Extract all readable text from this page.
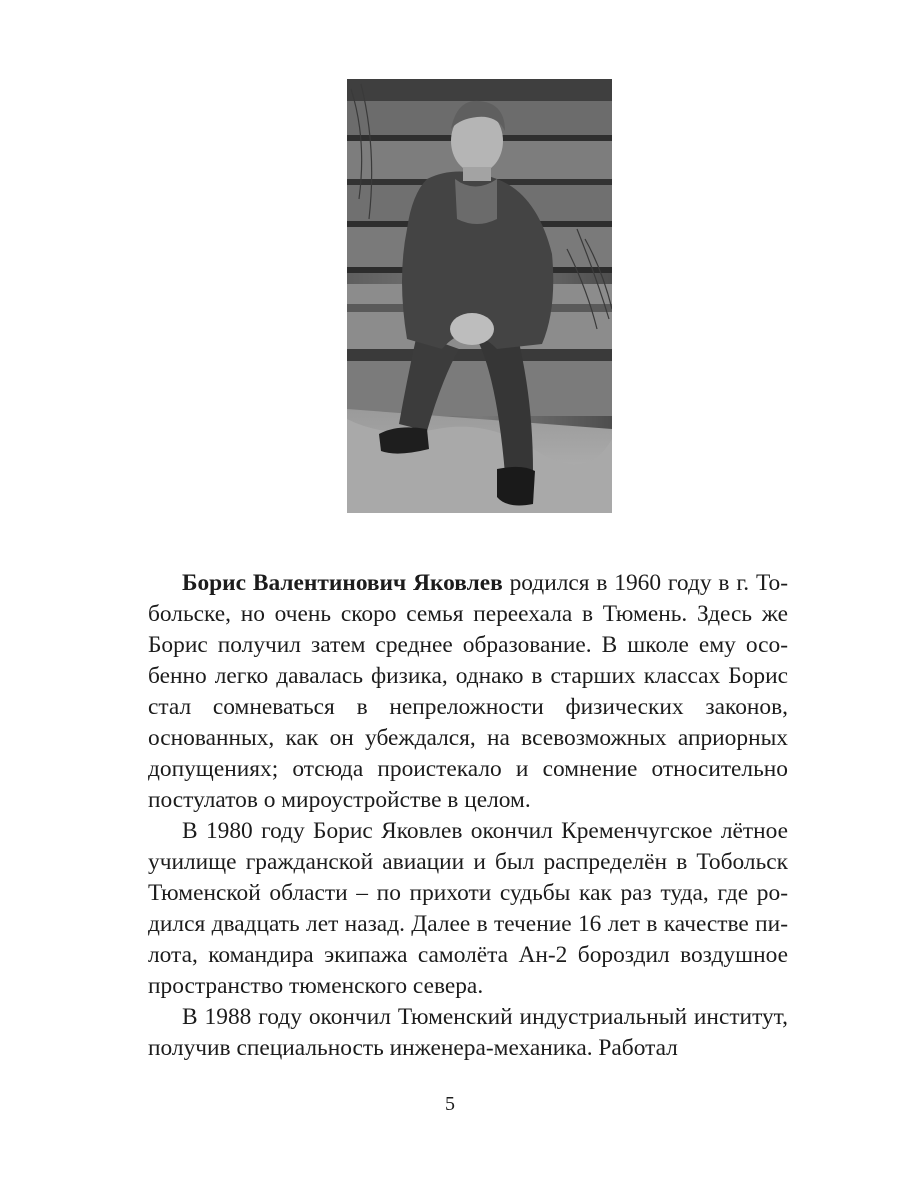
Борис Валентинович Яковлев родился в 1960 году в г. Тобольске, но очень скоро семья переехала в Тюмень. Здесь же Борис получил затем среднее образование. В школе ему особенно легко давалась физика, однако в старших классах Борис стал сомневаться в непреложности физических законов, основанных, как он убеждался, на всевозможных априорных допущениях; отсюда проистекало и сомнение относительно постулатов о мироустройстве в целом.

В 1980 году Борис Яковлев окончил Кременчугское лётное училище гражданской авиации и был распределён в Тобольск Тюменской области – по прихоти судьбы как раз туда, где родился двадцать лет назад. Далее в течение 16 лет в качестве пилота, командира экипажа самолёта Ан-2 бороздил воздушное пространство тюменского севера.

В 1988 году окончил Тюменский индустриальный институт, получив специальность инженера-механика. Работал

5
